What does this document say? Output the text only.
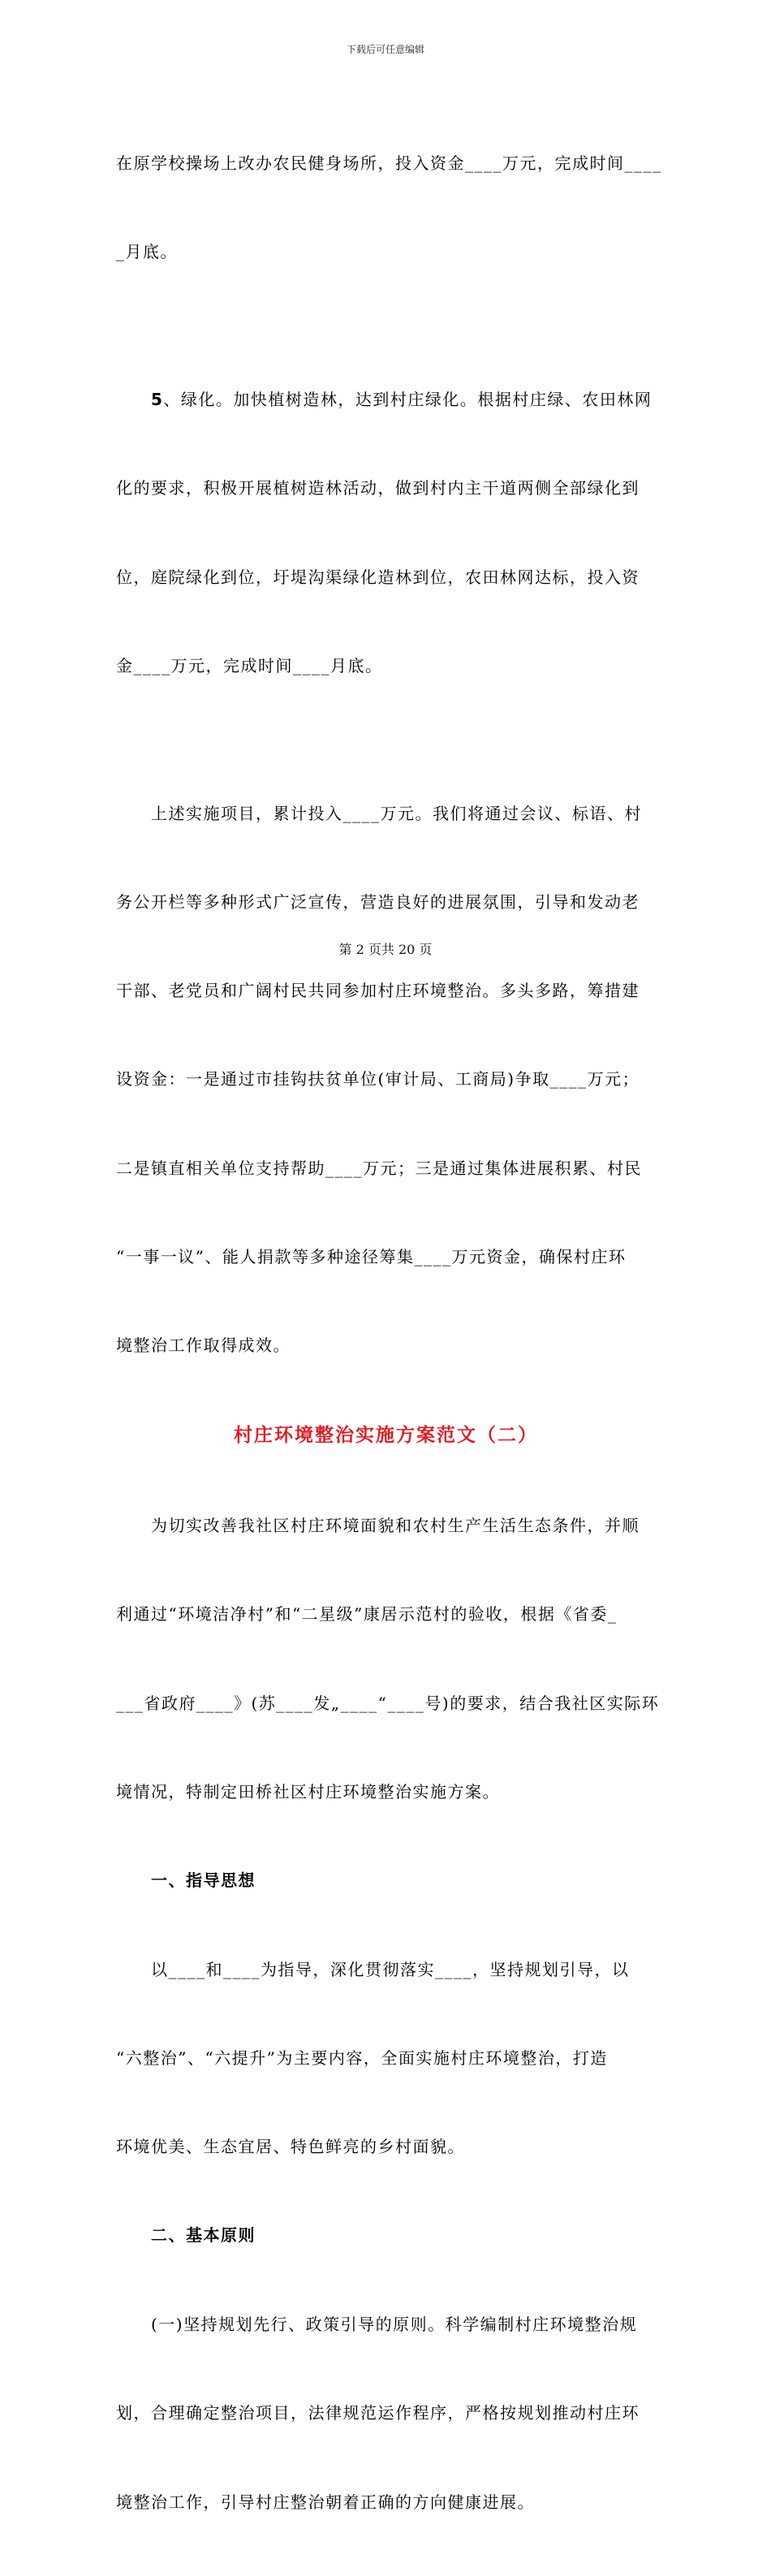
下载后可任意编辑

在原学校操场上改办农民健身场所，投入资金____万元，完成时间____

_月底。

5、绿化。加快植树造林，达到村庄绿化。根据村庄绿、农田林网

化的要求，积极开展植树造林活动，做到村内主干道两侧全部绿化到

位，庭院绿化到位，圩堤沟渠绿化造林到位，农田林网达标，投入资

金____万元，完成时间____月底。

上述实施项目，累计投入____万元。我们将通过会议、标语、村

务公开栏等多种形式广泛宣传，营造良好的进展氛围，引导和发动老

干部、老党员和广阔村民共同参加村庄环境整治。多头多路，筹措建

设资金：一是通过市挂钩扶贫单位(审计局、工商局)争取____万元；

二是镇直相关单位支持帮助____万元；三是通过集体进展积累、村民

“一事一议”、能人捐款等多种途径筹集____万元资金，确保村庄环

境整治工作取得成效。

村庄环境整治实施方案范文（二）

为切实改善我社区村庄环境面貌和农村生产生活生态条件，并顺

利通过“环境洁净村”和“二星级”康居示范村的验收，根据《省委_

___省政府____》(苏____发„____“____号)的要求，结合我社区实际环

境情况，特制定田桥社区村庄环境整治实施方案。

一、指导思想

以____和____为指导，深化贯彻落实____，坚持规划引导，以

“六整治”、“六提升”为主要内容，全面实施村庄环境整治，打造

环境优美、生态宜居、特色鲜亮的乡村面貌。

二、基本原则

(一)坚持规划先行、政策引导的原则。科学编制村庄环境整治规

划，合理确定整治项目，法律规范运作程序，严格按规划推动村庄环

境整治工作，引导村庄整治朝着正确的方向健康进展。

第 2 页共 20 页
